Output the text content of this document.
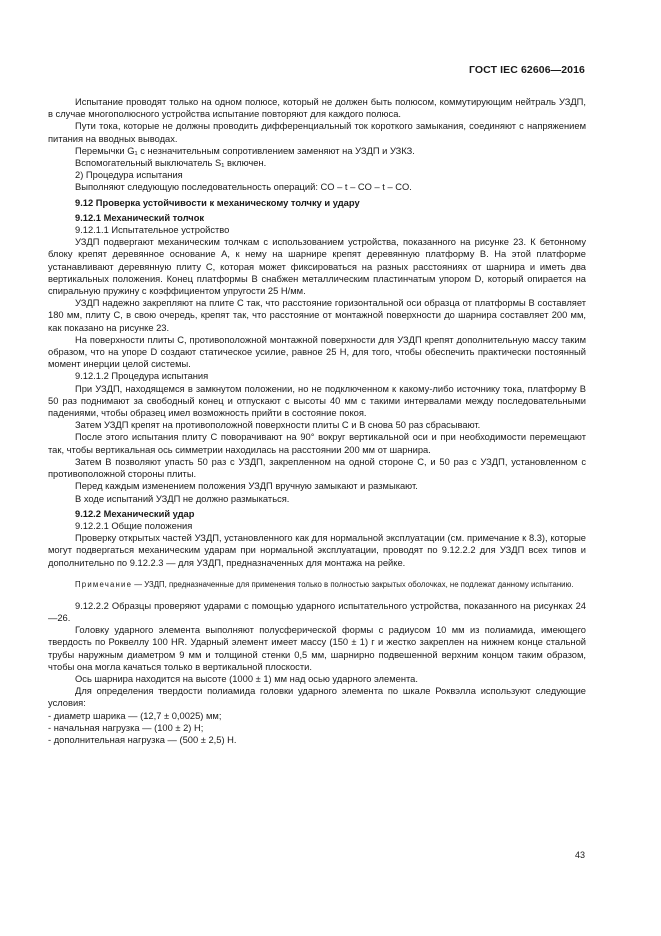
ГОСТ IEC 62606—2016

Испытание проводят только на одном полюсе, который не должен быть полюсом, коммутирующим нейтраль УЗДП, в случае многополюсного устройства испытание повторяют для каждого полюса.

Пути тока, которые не должны проводить дифференциальный ток короткого замыкания, соединяют с напряжением питания на вводных выводах.

Перемычки G₁ с незначительным сопротивлением заменяют на УЗДП и УЗКЗ.

Вспомогательный выключатель S₁ включен.

2) Процедура испытания

Выполняют следующую последовательность операций: CO – t – CO – t – CO.

9.12 Проверка устойчивости к механическому толчку и удару

9.12.1 Механический толчок

9.12.1.1 Испытательное устройство

УЗДП подвергают механическим толчкам с использованием устройства, показанного на рисунке 23. К бетонному блоку крепят деревянное основание A, к нему на шарнире крепят деревянную платформу B. На этой платформе устанавливают деревянную плиту C, которая может фиксироваться на разных расстояниях от шарнира и иметь два вертикальных положения. Конец платформы B снабжен металлическим пластинчатым упором D, который опирается на спиральную пружину с коэффициентом упругости 25 Н/мм.

УЗДП надежно закрепляют на плите C так, что расстояние горизонтальной оси образца от платформы B составляет 180 мм, плиту C, в свою очередь, крепят так, что расстояние от монтажной поверхности до шарнира составляет 200 мм, как показано на рисунке 23.

На поверхности плиты C, противоположной монтажной поверхности для УЗДП крепят дополнительную массу таким образом, что на упоре D создают статическое усилие, равное 25 Н, для того, чтобы обеспечить практически постоянный момент инерции целой системы.

9.12.1.2 Процедура испытания

При УЗДП, находящемся в замкнутом положении, но не подключенном к какому-либо источнику тока, платформу B 50 раз поднимают за свободный конец и отпускают с высоты 40 мм с такими интервалами между последовательными падениями, чтобы образец имел возможность прийти в состояние покоя.

Затем УЗДП крепят на противоположной поверхности плиты C и B снова 50 раз сбрасывают.

После этого испытания плиту C поворачивают на 90° вокруг вертикальной оси и при необходимости перемещают так, чтобы вертикальная ось симметрии находилась на расстоянии 200 мм от шарнира.

Затем B позволяют упасть 50 раз с УЗДП, закрепленном на одной стороне C, и 50 раз с УЗДП, установленном с противоположной стороны плиты.

Перед каждым изменением положения УЗДП вручную замыкают и размыкают.

В ходе испытаний УЗДП не должно размыкаться.

9.12.2 Механический удар

9.12.2.1 Общие положения

Проверку открытых частей УЗДП, установленного как для нормальной эксплуатации (см. примечание к 8.3), которые могут подвергаться механическим ударам при нормальной эксплуатации, проводят по 9.12.2.2 для УЗДП всех типов и дополнительно по 9.12.2.3 — для УЗДП, предназначенных для монтажа на рейке.

Примечание — УЗДП, предназначенные для применения только в полностью закрытых оболочках, не подлежат данному испытанию.

9.12.2.2 Образцы проверяют ударами с помощью ударного испытательного устройства, показанного на рисунках 24—26.

Головку ударного элемента выполняют полусферической формы с радиусом 10 мм из полиамида, имеющего твердость по Роквеллу 100 HR. Ударный элемент имеет массу (150 ± 1) г и жестко закреплен на нижнем конце стальной трубы наружным диаметром 9 мм и толщиной стенки 0,5 мм, шарнирно подвешенной верхним концом таким образом, чтобы она могла качаться только в вертикальной плоскости.

Ось шарнира находится на высоте (1000 ± 1) мм над осью ударного элемента.

Для определения твердости полиамида головки ударного элемента по шкале Роквэлла используют следующие условия:

- диаметр шарика — (12,7 ± 0,0025) мм;

- начальная нагрузка — (100 ± 2) Н;

- дополнительная нагрузка — (500 ± 2,5) Н.

43
